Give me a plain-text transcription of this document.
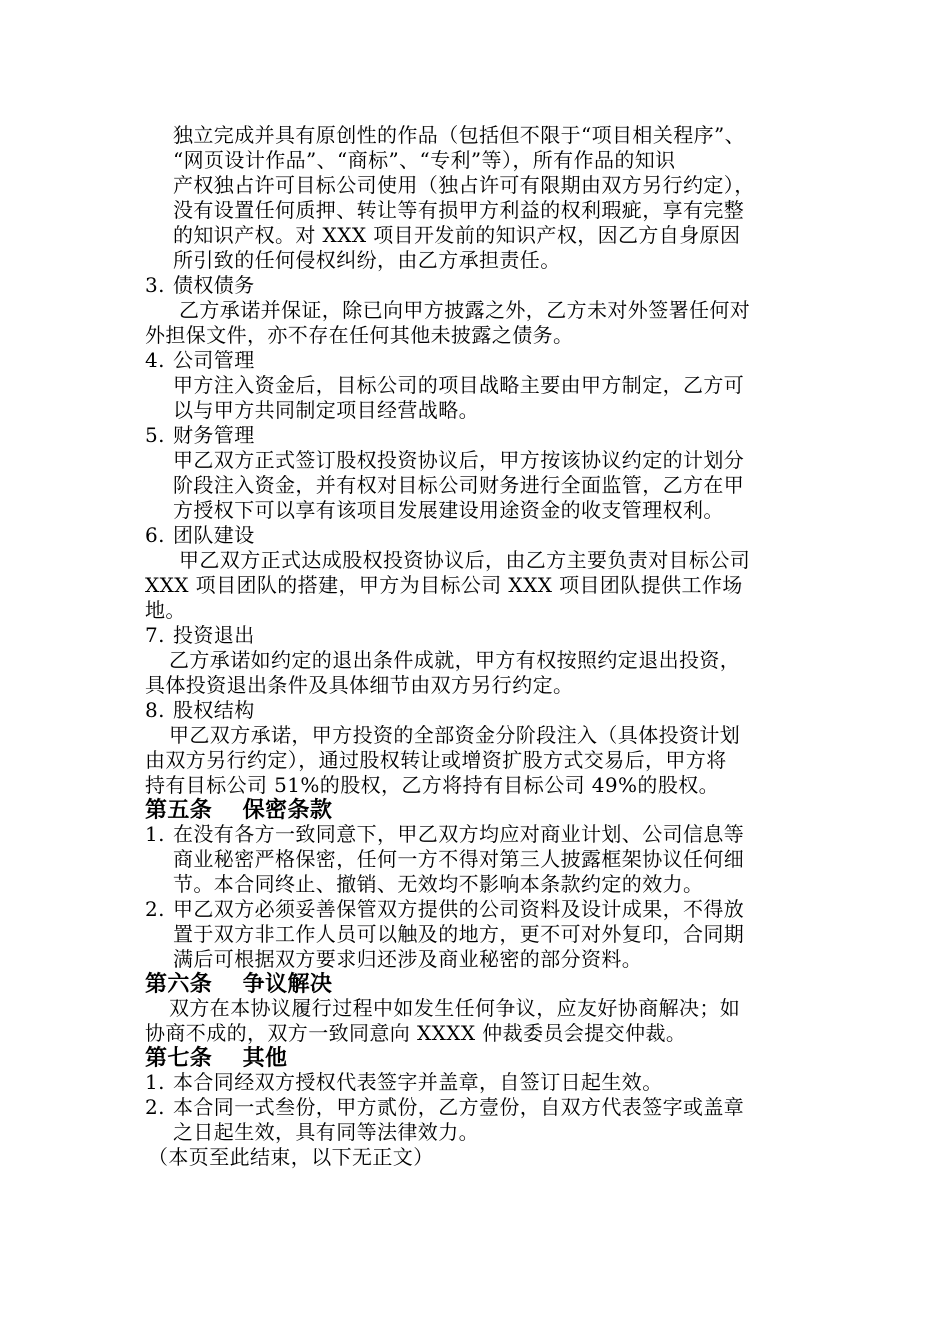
独立完成并具有原创性的作品（包括但不限于“项目相关程序”、
“网页设计作品”、“商标”、“专利”等），所有作品的知识
产权独占许可目标公司使用（独占许可有限期由双方另行约定），
没有设置任何质押、转让等有损甲方利益的权利瑕疵，享有完整
的知识产权。对 XXX 项目开发前的知识产权，因乙方自身原因
所引致的任何侵权纠纷，由乙方承担责任。
3. 债权债务
乙方承诺并保证，除已向甲方披露之外，乙方未对外签署任何对
外担保文件，亦不存在任何其他未披露之债务。
4. 公司管理
甲方注入资金后，目标公司的项目战略主要由甲方制定，乙方可
以与甲方共同制定项目经营战略。
5. 财务管理
甲乙双方正式签订股权投资协议后，甲方按该协议约定的计划分
阶段注入资金，并有权对目标公司财务进行全面监管，乙方在甲
方授权下可以享有该项目发展建设用途资金的收支管理权利。
6. 团队建设
甲乙双方正式达成股权投资协议后，由乙方主要负责对目标公司
XXX 项目团队的搭建，甲方为目标公司 XXX 项目团队提供工作场
地。
7. 投资退出
乙方承诺如约定的退出条件成就，甲方有权按照约定退出投资，
具体投资退出条件及具体细节由双方另行约定。
8. 股权结构
甲乙双方承诺，甲方投资的全部资金分阶段注入（具体投资计划
由双方另行约定），通过股权转让或增资扩股方式交易后，甲方将
持有目标公司 51%的股权，乙方将持有目标公司 49%的股权。
第五条　 保密条款
1. 在没有各方一致同意下，甲乙双方均应对商业计划、公司信息等
商业秘密严格保密，任何一方不得对第三人披露框架协议任何细
节。本合同终止、撤销、无效均不影响本条款约定的效力。
2. 甲乙双方必须妥善保管双方提供的公司资料及设计成果，不得放
置于双方非工作人员可以触及的地方，更不可对外复印，合同期
满后可根据双方要求归还涉及商业秘密的部分资料。
第六条　 争议解决
双方在本协议履行过程中如发生任何争议，应友好协商解决；如
协商不成的，双方一致同意向 XXXX 仲裁委员会提交仲裁。
第七条　 其他
1. 本合同经双方授权代表签字并盖章，自签订日起生效。
2. 本合同一式叁份，甲方贰份，乙方壹份，自双方代表签字或盖章
之日起生效，具有同等法律效力。
（本页至此结束，以下无正文）
